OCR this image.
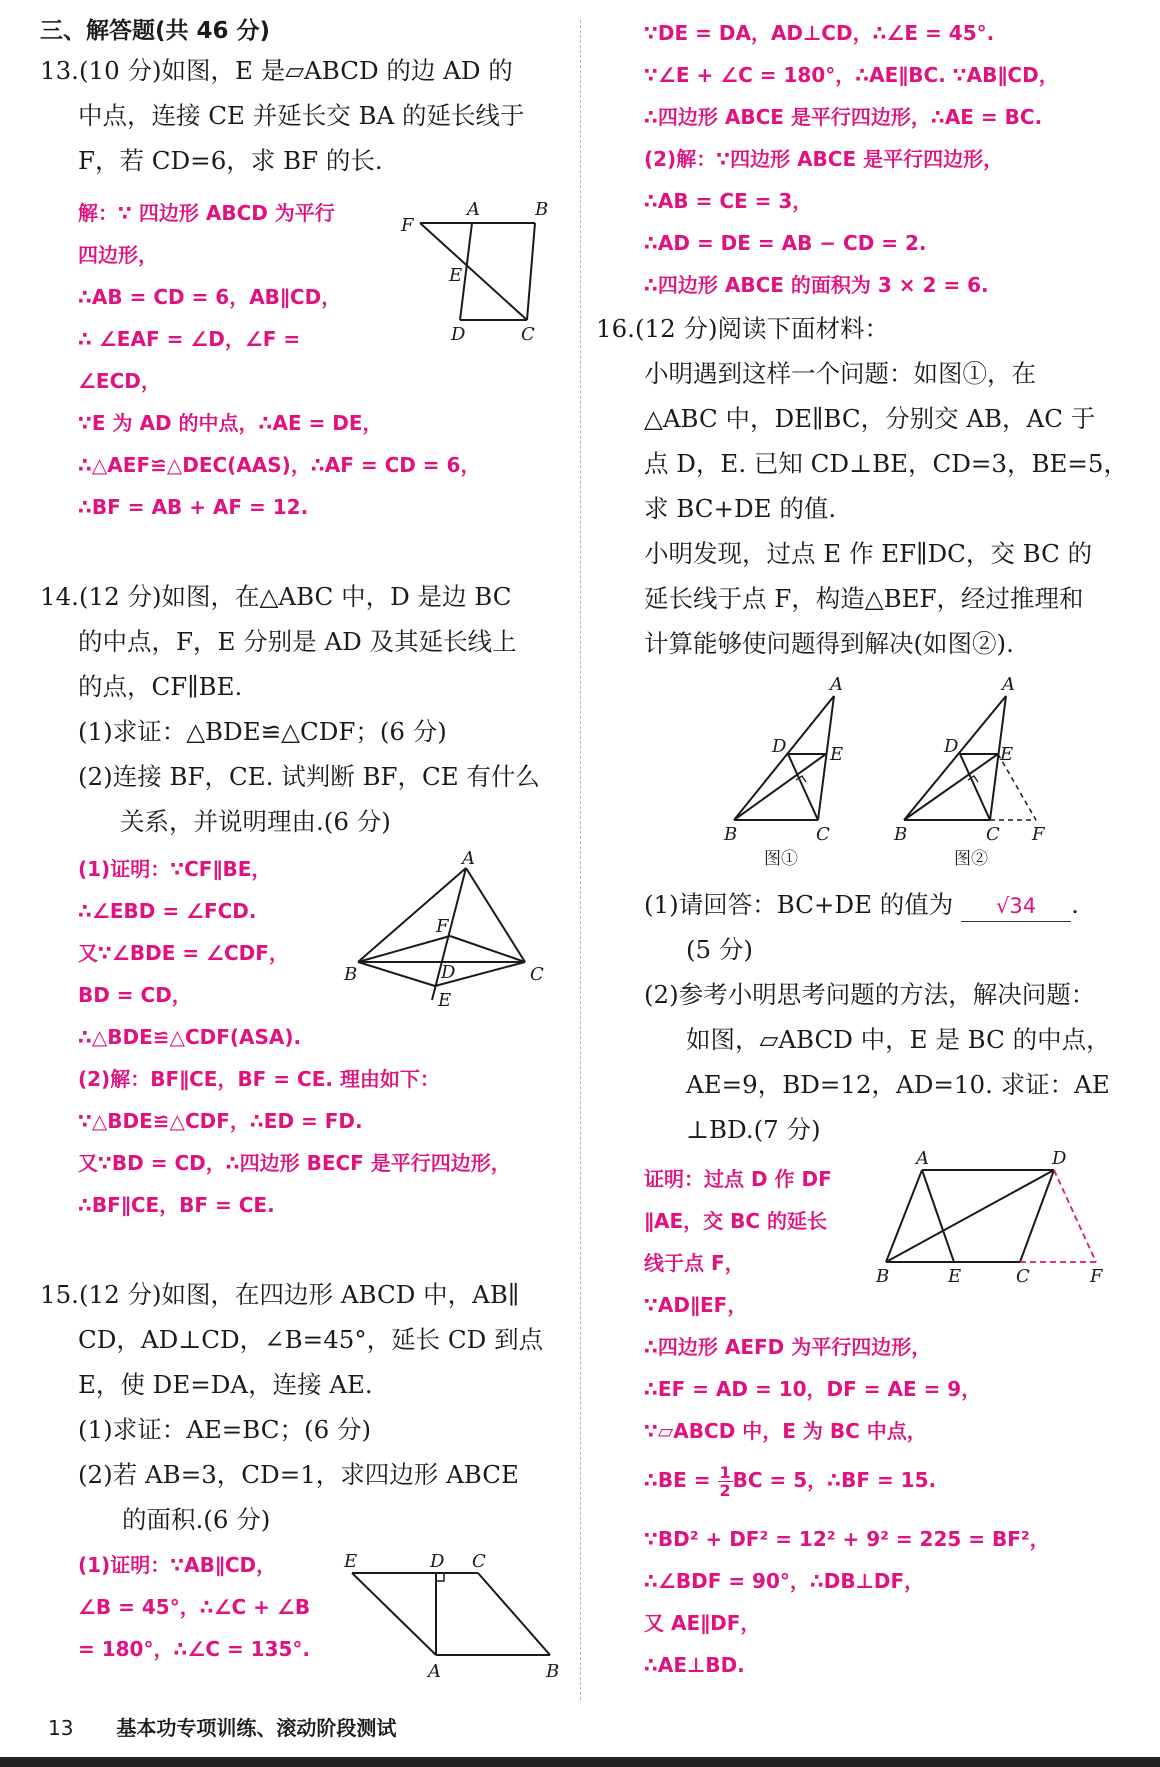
三、解答题(共 46 分)
13.(10 分)如图，E 是▱ABCD 的边 AD 的
中点，连接 CE 并延长交 BA 的延长线于
F，若 CD=6，求 BF 的长.
解：∵ 四边形 ABCD 为平行
四边形，
∴AB = CD = 6，AB∥CD，
∴ ∠EAF = ∠D，∠F =
∠ECD，
∵E 为 AD 的中点，∴AE = DE，
∴△AEF≌△DEC(AAS)，∴AF = CD = 6，
∴BF = AB + AF = 12.
F
A	B
E
D	C
14.(12 分)如图，在△ABC 中，D 是边 BC
的中点，F，E 分别是 AD 及其延长线上
的点，CF∥BE.
(1)求证：△BDE≌△CDF；(6 分)
(2)连接 BF，CE. 试判断 BF，CE 有什么
关系，并说明理由.(6 分)
(1)证明：∵CF∥BE，
∴∠EBD = ∠FCD.
又∵∠BDE = ∠CDF，
BD = CD，
∴△BDE≌△CDF(ASA).
(2)解：BF∥CE，BF = CE. 理由如下：
∵△BDE≌△CDF，∴ED = FD.
又∵BD = CD，∴四边形 BECF 是平行四边形，
∴BF∥CE，BF = CE.
A
F
B	D	C
E
15.(12 分)如图，在四边形 ABCD 中，AB∥
CD，AD⊥CD，∠B=45°，延长 CD 到点
E，使 DE=DA，连接 AE.
(1)求证：AE=BC；(6 分)
(2)若 AB=3，CD=1，求四边形 ABCE
的面积.(6 分)
(1)证明：∵AB∥CD，
∠B = 45°，∴∠C + ∠B
= 180°，∴∠C = 135°.
E	D C
A	B
∵DE = DA，AD⊥CD，∴∠E = 45°.
∵∠E + ∠C = 180°，∴AE∥BC. ∵AB∥CD，
∴四边形 ABCE 是平行四边形，∴AE = BC.
(2)解：∵四边形 ABCE 是平行四边形，
∴AB = CE = 3，
∴AD = DE = AB − CD = 2.
∴四边形 ABCE 的面积为 3 × 2 = 6.
16.(12 分)阅读下面材料：
小明遇到这样一个问题：如图①，在
△ABC 中，DE∥BC，分别交 AB，AC 于
点 D，E. 已知 CD⊥BE，CD=3，BE=5，
求 BC+DE 的值.
小明发现，过点 E 作 EF∥DC，交 BC 的
延长线于点 F，构造△BEF，经过推理和
计算能够使问题得到解决(如图②).
A
D E
B	C
图①
A
D E
B	C F
图②
(1)请回答：BC+DE 的值为 √34 .
(5 分)
(2)参考小明思考问题的方法，解决问题：
如图，▱ABCD 中，E 是 BC 的中点，
AE=9，BD=12，AD=10. 求证：AE
⊥BD.(7 分)
A	D
B	E	C	F
证明：过点 D 作 DF
∥AE，交 BC 的延长
线于点 F，
∵AD∥EF，
∴四边形 AEFD 为平行四边形，
∴EF = AD = 10，DF = AE = 9，
∵▱ABCD 中，E 为 BC 中点，
∴BE = $\frac{1}{2}$ BC = 5，∴BF = 15.
∵BD² + DF² = 12² + 9² = 225 = BF²，
∴∠BDF = 90°，∴DB⊥DF，
又 AE∥DF，
∴AE⊥BD.
13 基本功专项训练、滚动阶段测试
